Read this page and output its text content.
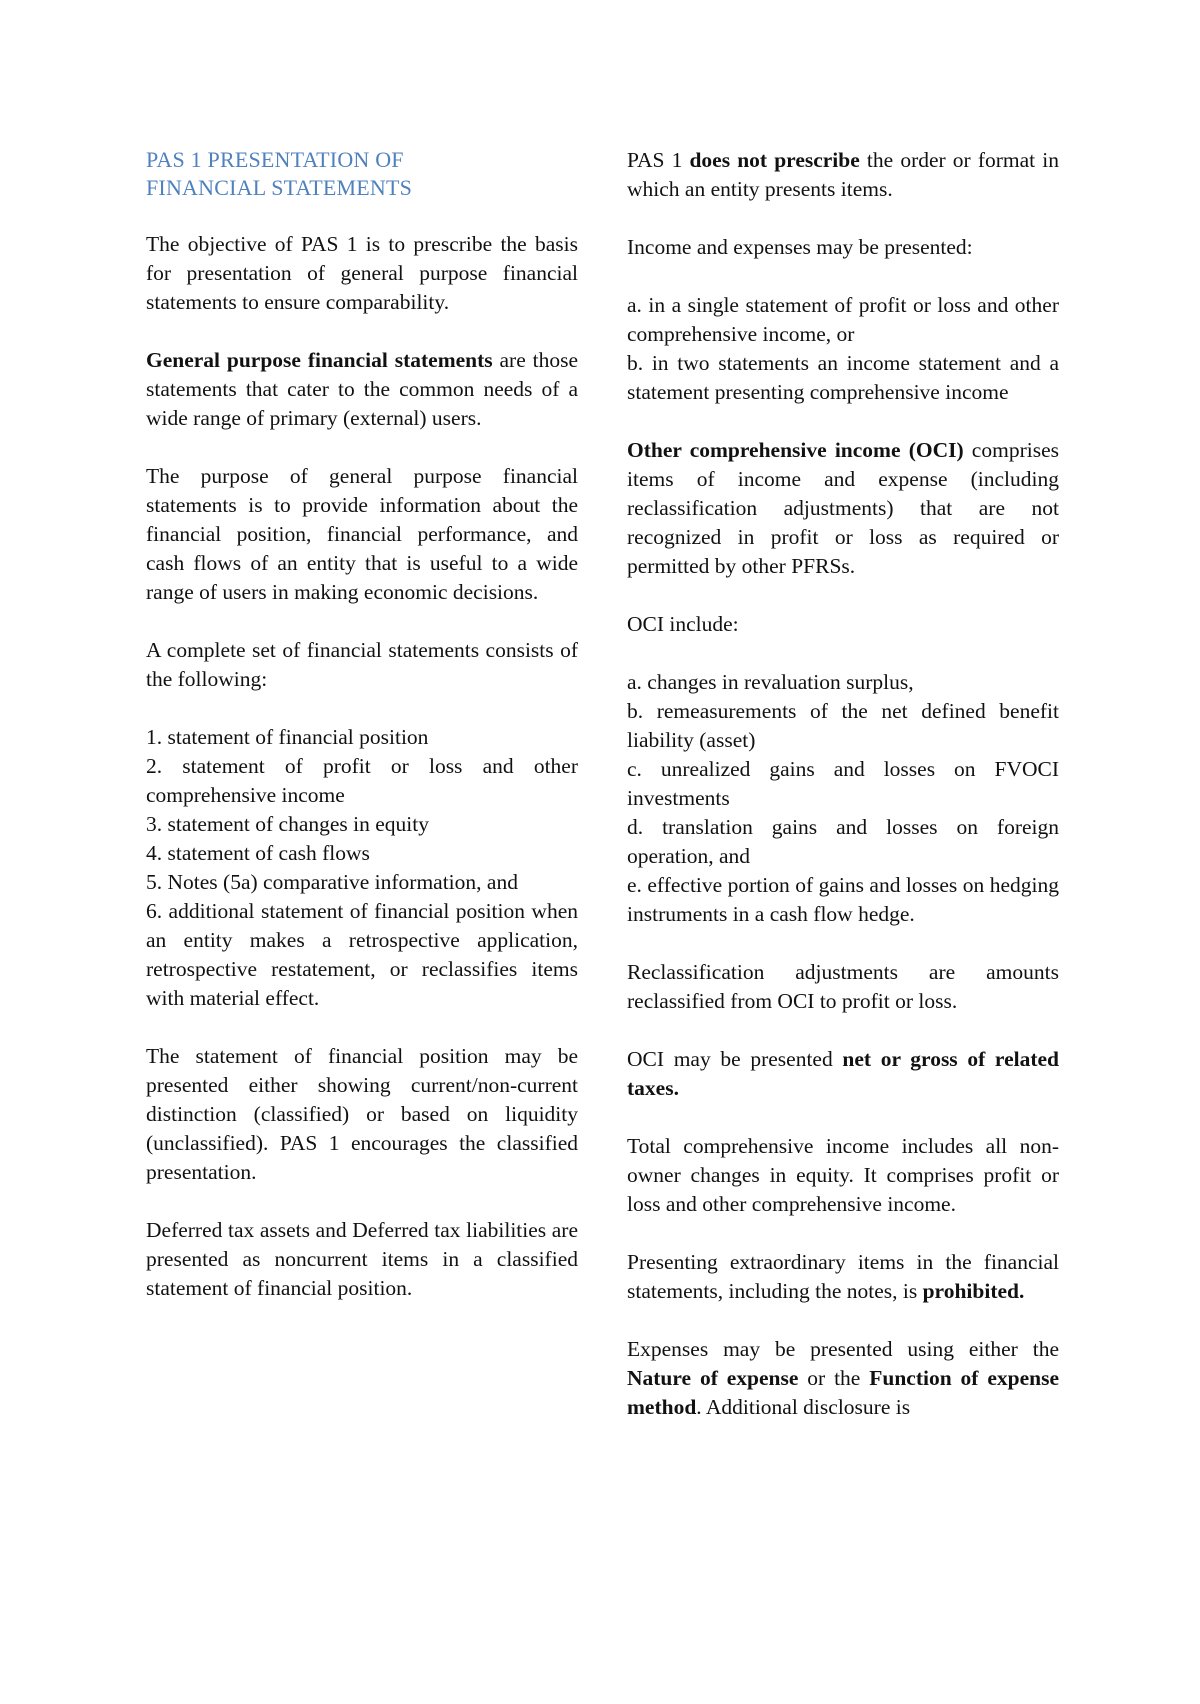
PAS 1 PRESENTATION OF
FINANCIAL STATEMENTS

The objective of PAS 1 is to prescribe the basis for presentation of general purpose financial statements to ensure comparability.

General purpose financial statements are those statements that cater to the common needs of a wide range of primary (external) users.

The purpose of general purpose financial statements is to provide information about the financial position, financial performance, and cash flows of an entity that is useful to a wide range of users in making economic decisions.

A complete set of financial statements consists of the following:

1. statement of financial position
2. statement of profit or loss and other comprehensive income
3. statement of changes in equity
4. statement of cash flows
5. Notes (5a) comparative information, and
6. additional statement of financial position when an entity makes a retrospective application, retrospective restatement, or reclassifies items with material effect.

The statement of financial position may be presented either showing current/non-current distinction (classified) or based on liquidity (unclassified). PAS 1 encourages the classified presentation.

Deferred tax assets and Deferred tax liabilities are presented as noncurrent items in a classified statement of financial position.

PAS 1 does not prescribe the order or format in which an entity presents items.

Income and expenses may be presented:

a. in a single statement of profit or loss and other comprehensive income, or
b. in two statements an income statement and a statement presenting comprehensive income

Other comprehensive income (OCI) comprises items of income and expense (including reclassification adjustments) that are not recognized in profit or loss as required or permitted by other PFRSs.

OCI include:

a. changes in revaluation surplus,
b. remeasurements of the net defined benefit liability (asset)
c. unrealized gains and losses on FVOCI investments
d. translation gains and losses on foreign operation, and
e. effective portion of gains and losses on hedging instruments in a cash flow hedge.

Reclassification adjustments are amounts reclassified from OCI to profit or loss.

OCI may be presented net or gross of related taxes.

Total comprehensive income includes all non-owner changes in equity. It comprises profit or loss and other comprehensive income.

Presenting extraordinary items in the financial statements, including the notes, is prohibited.

Expenses may be presented using either the Nature of expense or the Function of expense method. Additional disclosure is
